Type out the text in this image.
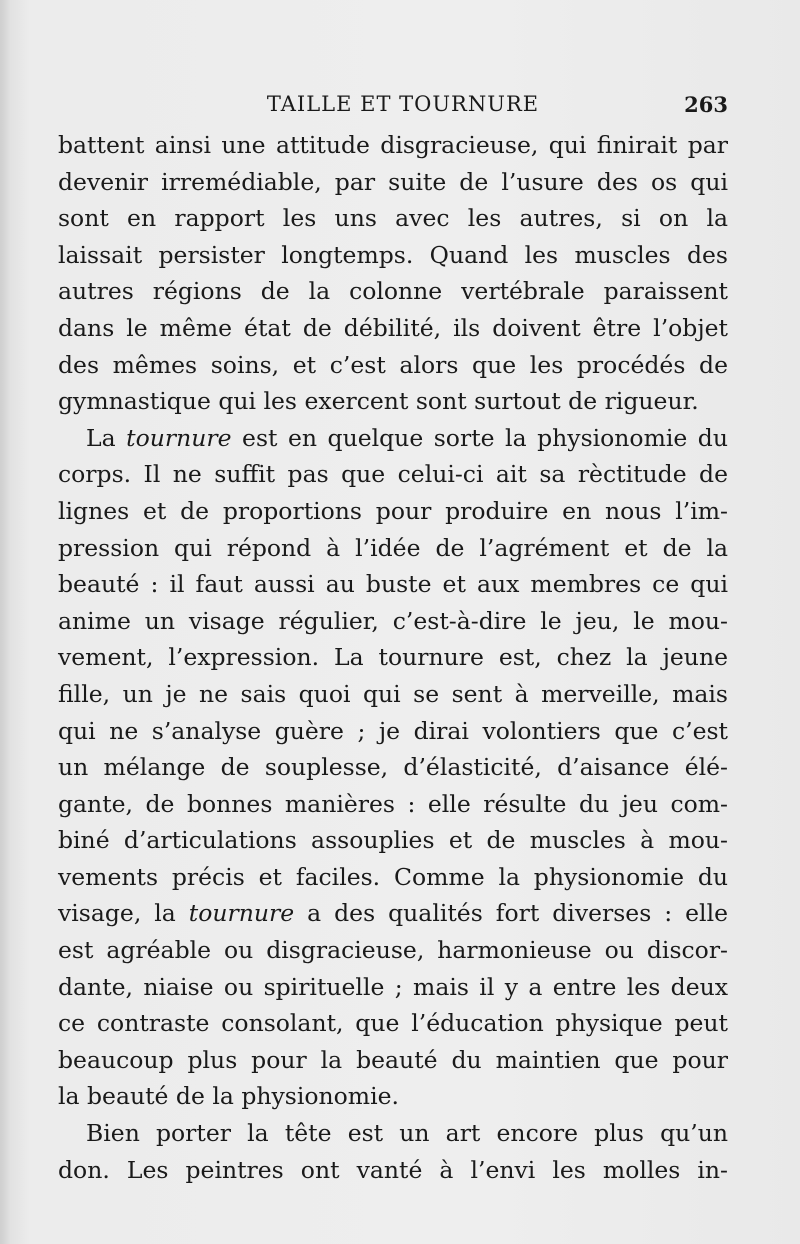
TAILLE ET TOURNURE	263
battent ainsi une attitude disgracieuse, qui finirait par
devenir irremédiable, par suite de l’usure des os qui
sont en rapport les uns avec les autres, si on la
laissait persister longtemps. Quand les muscles des
autres régions de la colonne vertébrale paraissent
dans le même état de débilité, ils doivent être l’objet
des mêmes soins, et c’est alors que les procédés de
gymnastique qui les exercent sont surtout de rigueur.
La tournure est en quelque sorte la physionomie du
corps. Il ne suffit pas que celui-ci ait sa rèctitude de
lignes et de proportions pour produire en nous l’im-
pression qui répond à l’idée de l’agrément et de la
beauté : il faut aussi au buste et aux membres ce qui
anime un visage régulier, c’est-à-dire le jeu, le mou-
vement, l’expression. La tournure est, chez la jeune
fille, un je ne sais quoi qui se sent à merveille, mais
qui ne s’analyse guère ; je dirai volontiers que c’est
un mélange de souplesse, d’élasticité, d’aisance élé-
gante, de bonnes manières : elle résulte du jeu com-
biné d’articulations assouplies et de muscles à mou-
vements précis et faciles. Comme la physionomie du
visage, la tournure a des qualités fort diverses : elle
est agréable ou disgracieuse, harmonieuse ou discor-
dante, niaise ou spirituelle ; mais il y a entre les deux
ce contraste consolant, que l’éducation physique peut
beaucoup plus pour la beauté du maintien que pour
la beauté de la physionomie.
Bien porter la tête est un art encore plus qu’un
don. Les peintres ont vanté à l’envi les molles in-
